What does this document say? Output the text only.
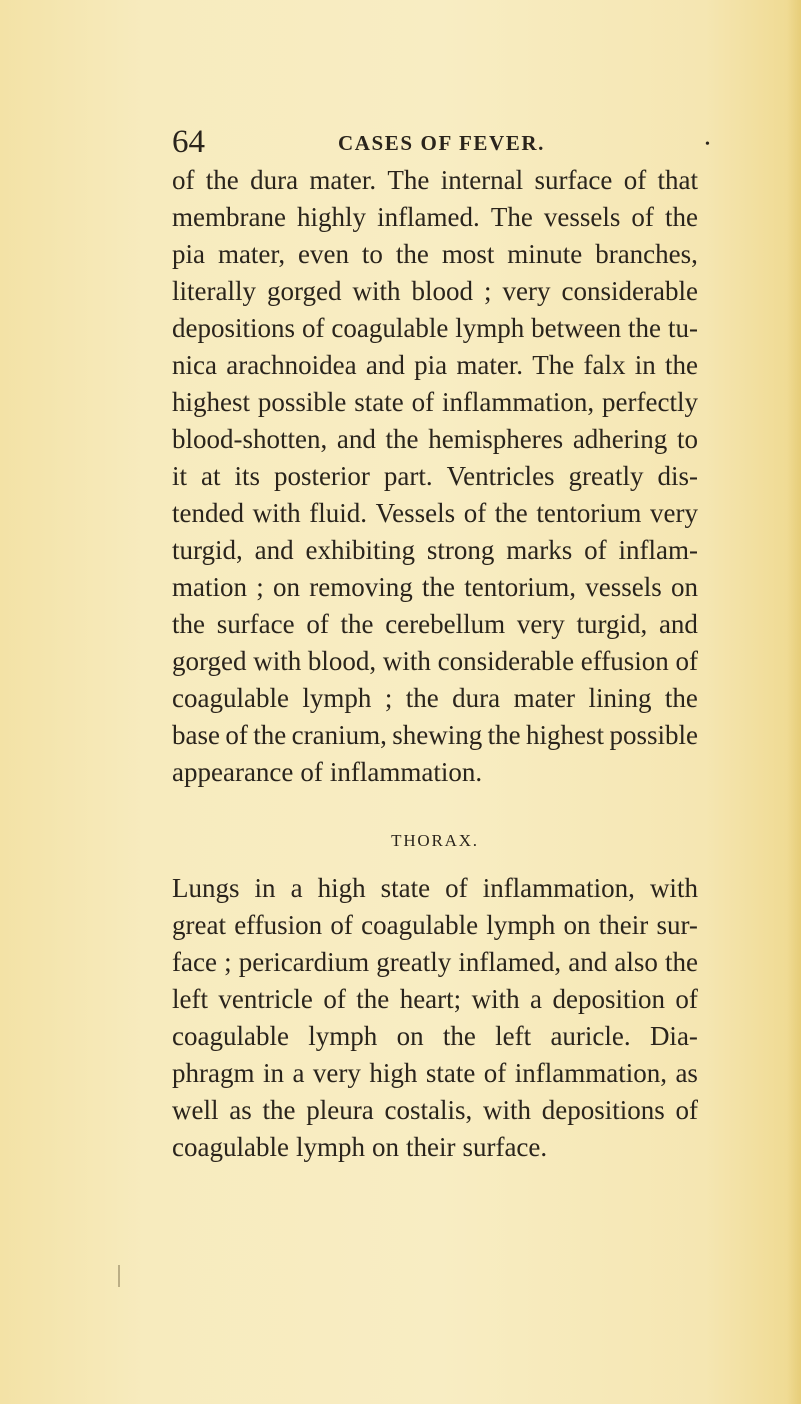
64	CASES OF FEVER.	•
of the dura mater. The internal surface of that
membrane highly inflamed. The vessels of the
pia mater, even to the most minute branches,
literally gorged with blood ; very considerable
depositions of coagulable lymph between the tu-
nica arachnoidea and pia mater. The falx in the
highest possible state of inflammation, perfectly
blood-shotten, and the hemispheres adhering to
it at its posterior part. Ventricles greatly dis-
tended with fluid. Vessels of the tentorium very
turgid, and exhibiting strong marks of inflam-
mation ; on removing the tentorium, vessels on
the surface of the cerebellum very turgid, and
gorged with blood, with considerable effusion of
coagulable lymph ; the dura mater lining the
base of the cranium, shewing the highest possible
appearance of inflammation.
THORAX.
Lungs in a high state of inflammation, with
great effusion of coagulable lymph on their sur-
face ; pericardium greatly inflamed, and also the
left ventricle of the heart; with a deposition of
coagulable lymph on the left auricle. Dia-
phragm in a very high state of inflammation, as
well as the pleura costalis, with depositions of
coagulable lymph on their surface.
